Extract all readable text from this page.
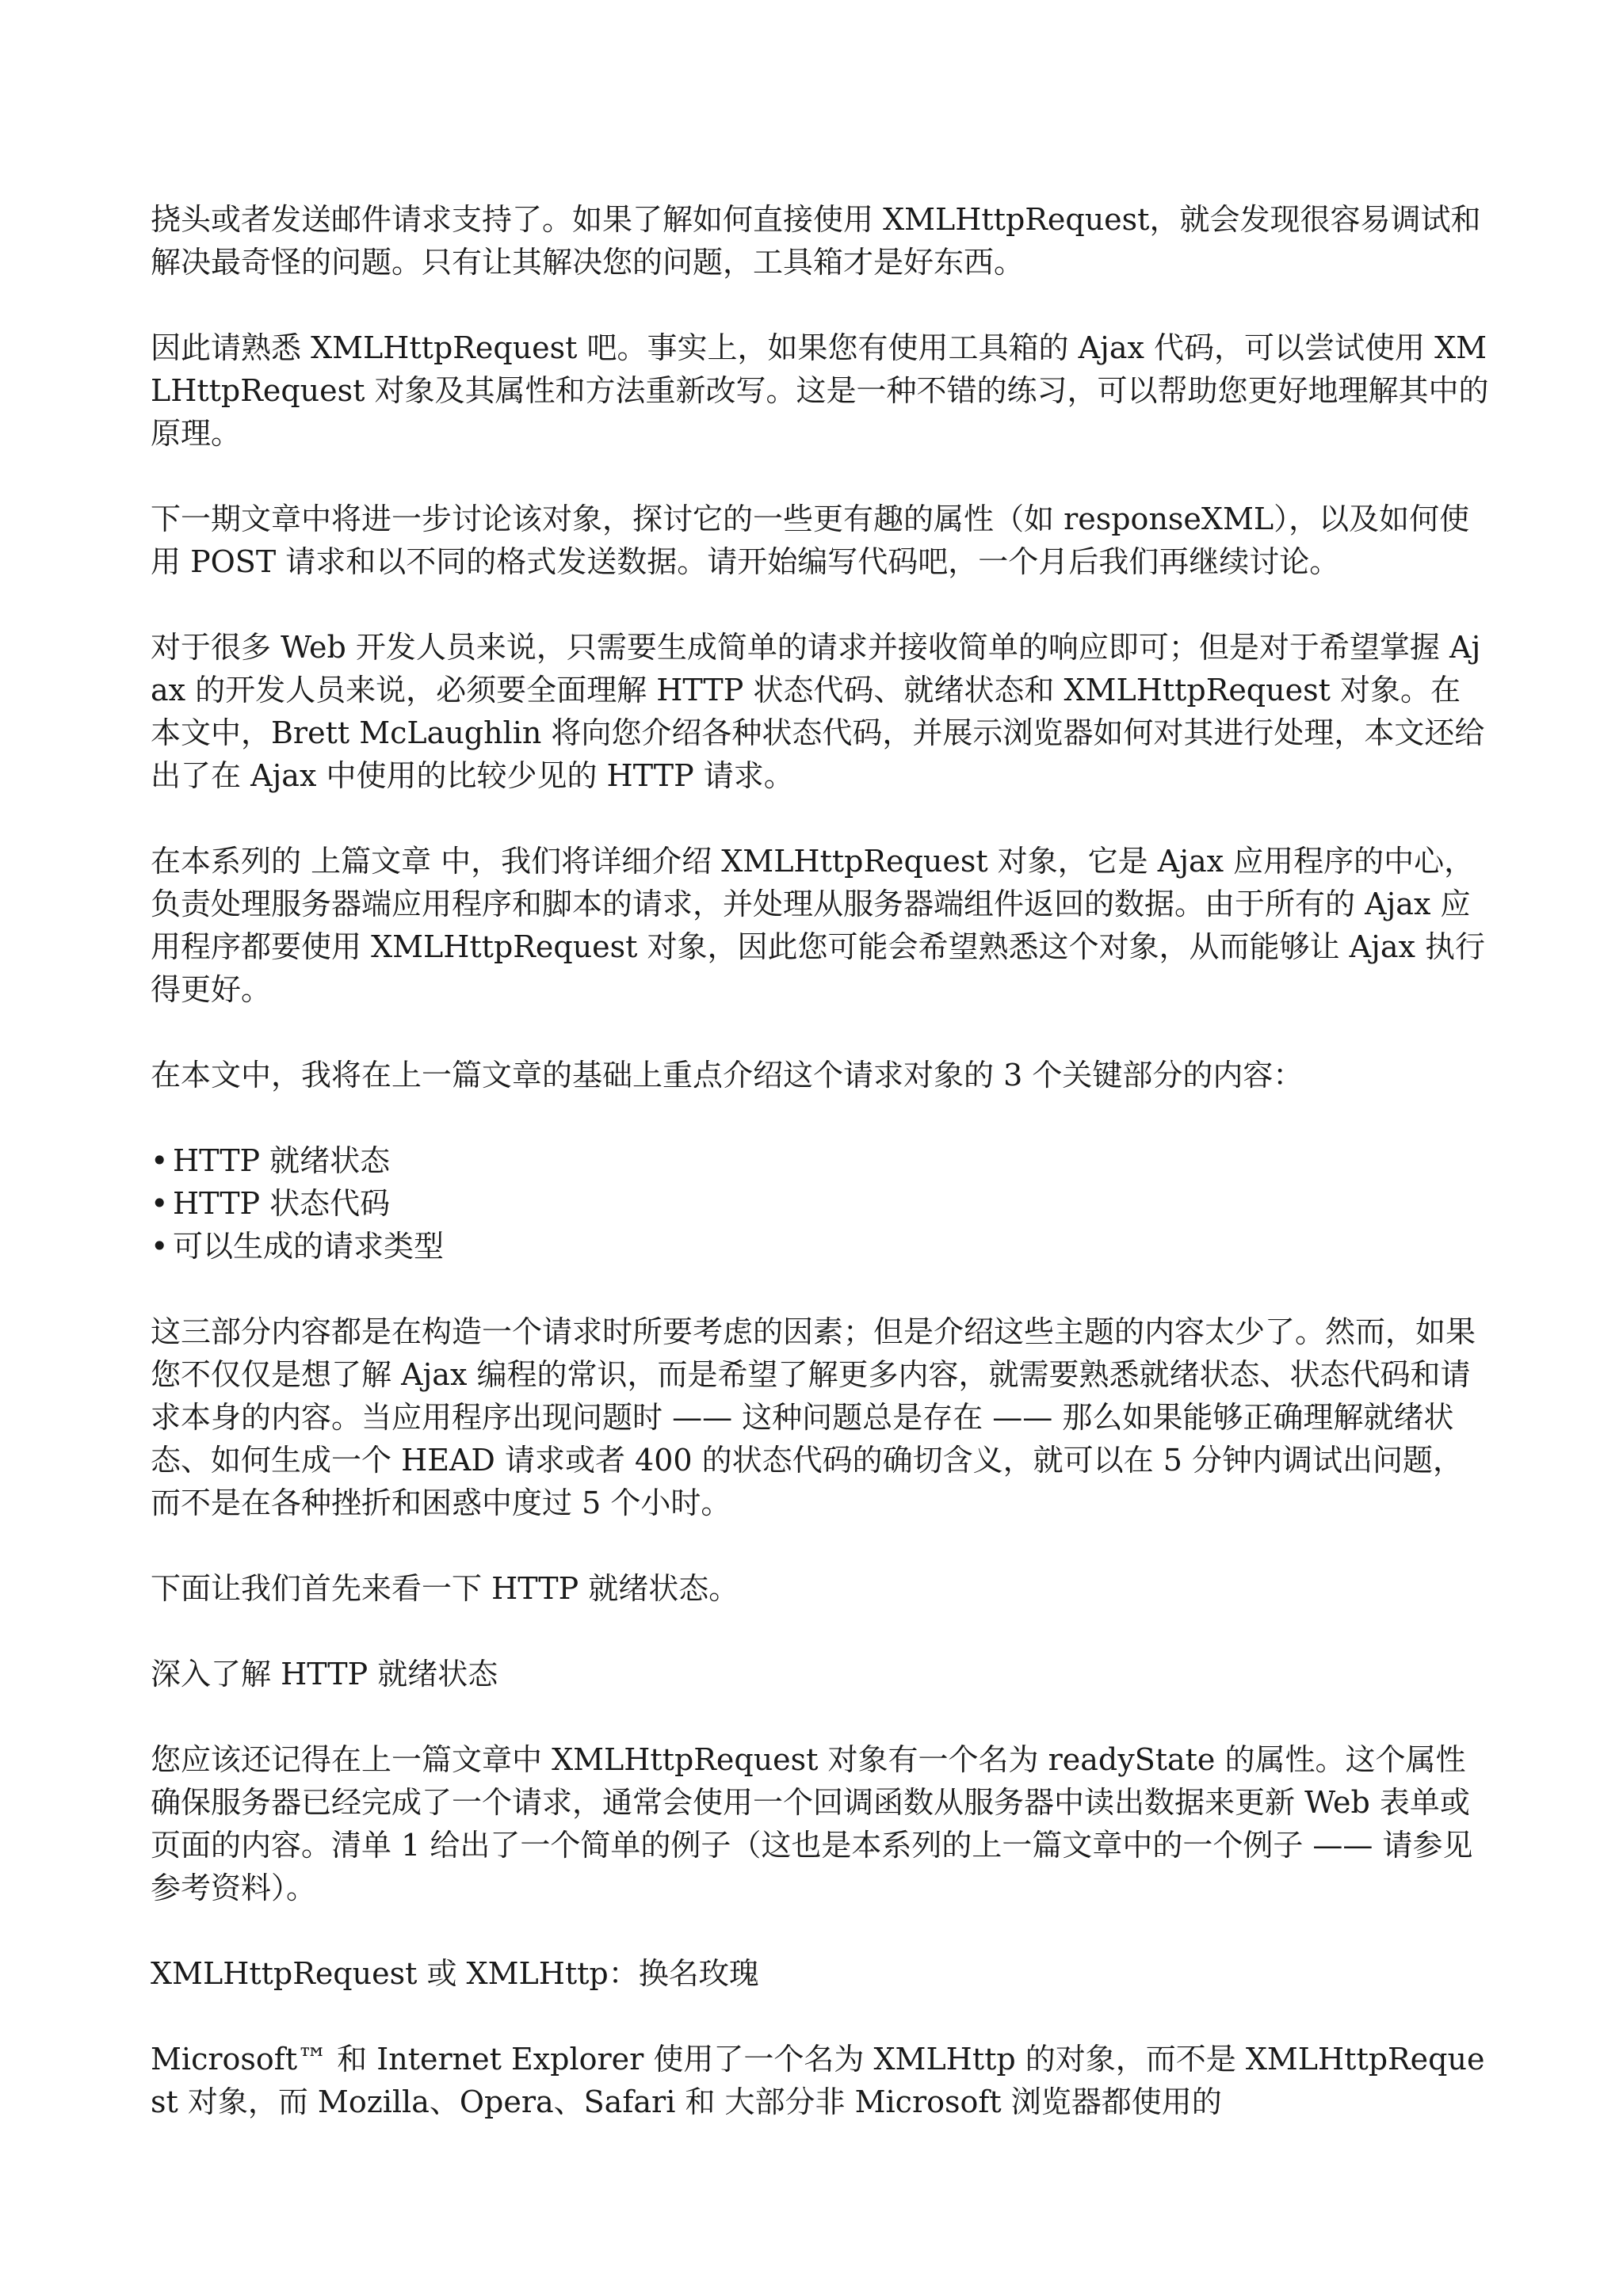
挠头或者发送邮件请求支持了。如果了解如何直接使用 XMLHttpRequest，就会发现很容易调试和解决最奇怪的问题。只有让其解决您的问题，工具箱才是好东西。

因此请熟悉 XMLHttpRequest 吧。事实上，如果您有使用工具箱的 Ajax 代码，可以尝试使用 XMLHttpRequest 对象及其属性和方法重新改写。这是一种不错的练习，可以帮助您更好地理解其中的原理。

下一期文章中将进一步讨论该对象，探讨它的一些更有趣的属性（如 responseXML），以及如何使用 POST 请求和以不同的格式发送数据。请开始编写代码吧，一个月后我们再继续讨论。

对于很多 Web 开发人员来说，只需要生成简单的请求并接收简单的响应即可；但是对于希望掌握 Ajax 的开发人员来说，必须要全面理解 HTTP 状态代码、就绪状态和 XMLHttpRequest 对象。在本文中，Brett McLaughlin 将向您介绍各种状态代码，并展示浏览器如何对其进行处理，本文还给出了在 Ajax 中使用的比较少见的 HTTP 请求。

在本系列的 上篇文章 中，我们将详细介绍 XMLHttpRequest 对象，它是 Ajax 应用程序的中心，负责处理服务器端应用程序和脚本的请求，并处理从服务器端组件返回的数据。由于所有的 Ajax 应用程序都要使用 XMLHttpRequest 对象，因此您可能会希望熟悉这个对象，从而能够让 Ajax 执行得更好。

在本文中，我将在上一篇文章的基础上重点介绍这个请求对象的 3 个关键部分的内容：

• HTTP 就绪状态
• HTTP 状态代码
• 可以生成的请求类型

这三部分内容都是在构造一个请求时所要考虑的因素；但是介绍这些主题的内容太少了。然而，如果您不仅仅是想了解 Ajax 编程的常识，而是希望了解更多内容，就需要熟悉就绪状态、状态代码和请求本身的内容。当应用程序出现问题时 —— 这种问题总是存在 —— 那么如果能够正确理解就绪状态、如何生成一个 HEAD 请求或者 400 的状态代码的确切含义，就可以在 5 分钟内调试出问题，而不是在各种挫折和困惑中度过 5 个小时。

下面让我们首先来看一下 HTTP 就绪状态。

深入了解 HTTP 就绪状态

您应该还记得在上一篇文章中 XMLHttpRequest 对象有一个名为 readyState 的属性。这个属性确保服务器已经完成了一个请求，通常会使用一个回调函数从服务器中读出数据来更新 Web 表单或页面的内容。清单 1 给出了一个简单的例子（这也是本系列的上一篇文章中的一个例子 —— 请参见 参考资料）。

XMLHttpRequest 或 XMLHttp：换名玫瑰

Microsoft™ 和 Internet Explorer 使用了一个名为 XMLHttp 的对象，而不是 XMLHttpRequest 对象，而 Mozilla、Opera、Safari 和 大部分非 Microsoft 浏览器都使用的
